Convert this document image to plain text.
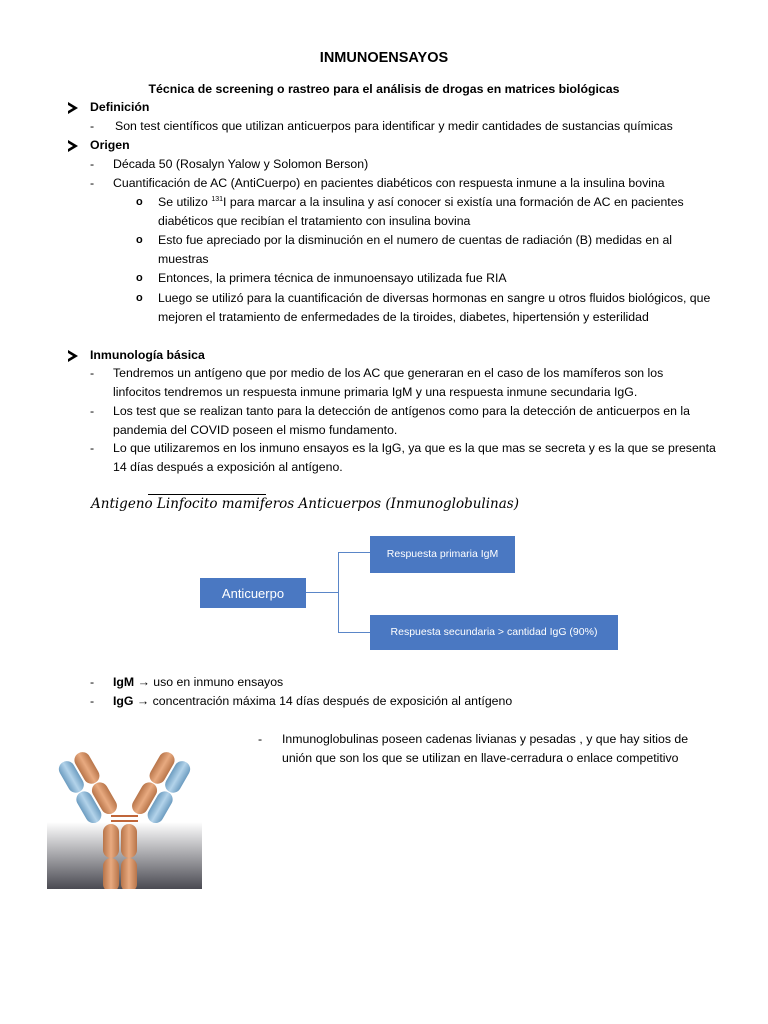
INMUNOENSAYOS
Técnica de screening o rastreo para el análisis de drogas en matrices biológicas
Definición
- Son test científicos que utilizan anticuerpos para identificar y medir cantidades de sustancias químicas
Origen
- Década 50 (Rosalyn Yalow y Solomon Berson)
- Cuantificación de AC (AntiCuerpo) en pacientes diabéticos con respuesta inmune a la insulina bovina
o Se utilizo $^{131}$I para marcar a la insulina y así conocer si existía una formación de AC en pacientes
diabéticos que recibían el tratamiento con insulina bovina
o Esto fue apreciado por la disminución en el numero de cuentas de radiación (B) medidas en al
muestras
o Entonces, la primera técnica de inmunoensayo utilizada fue RIA
o Luego se utilizó para la cuantificación de diversas hormonas en sangre u otros fluidos biológicos, que
mejoren el tratamiento de enfermedades de la tiroides, diabetes, hipertensión y esterilidad
Inmunología básica
- Tendremos un antígeno que por medio de los AC que generaran en el caso de los mamíferos son los
linfocitos tendremos un respuesta inmune primaria IgM y una respuesta inmune secundaria IgG.
- Los test que se realizan tanto para la detección de antígenos como para la detección de anticuerpos en la
pandemia del COVID poseen el mismo fundamento.
- Lo que utilizaremos en los inmuno ensayos es la IgG, ya que es la que mas se secreta y es la que se presenta
14 días después a exposición al antígeno.
Antigeno Linfocito mamiferos Anticuerpos (Inmunoglobulinas)
Anticuerpo
Respuesta primaria IgM
Respuesta secundaria > cantidad IgG (90%)
- IgM → uso en inmuno ensayos
- IgG → concentración máxima 14 días después de exposición al antígeno
- Inmunoglobulinas poseen cadenas livianas y pesadas , y que hay sitios de
unión que son los que se utilizan en llave-cerradura o enlace competitivo
